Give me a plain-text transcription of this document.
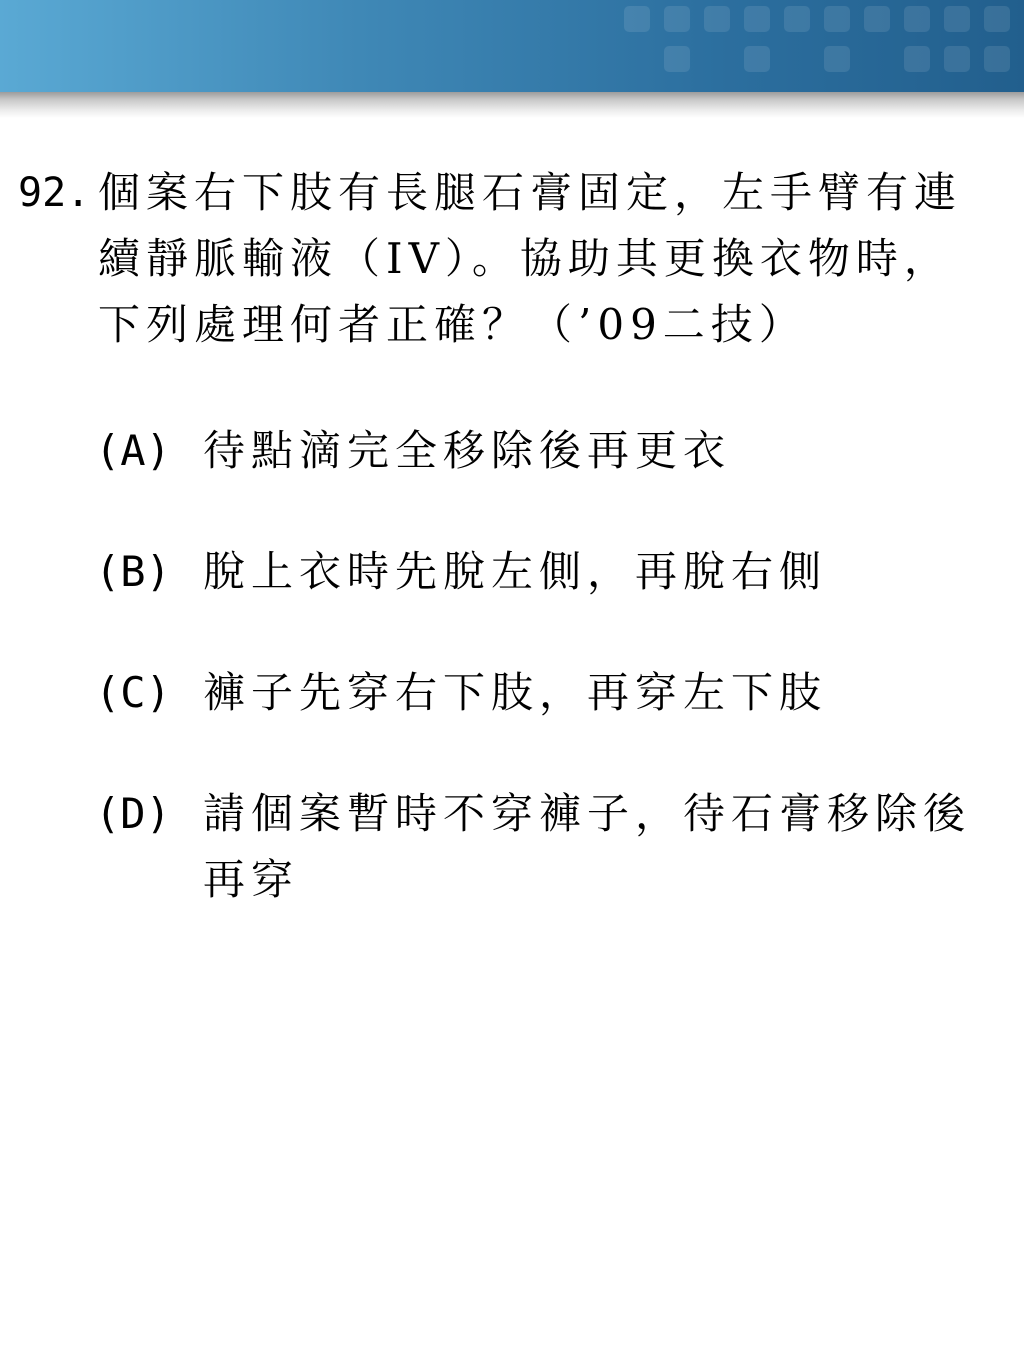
92. 個案右下肢有長腿石膏固定，左手臂有連續靜脈輸液（IV）。協助其更換衣物時，下列處理何者正確？（’09二技）
(A) 待點滴完全移除後再更衣
(B) 脫上衣時先脫左側，再脫右側
(C) 褲子先穿右下肢，再穿左下肢
(D) 請個案暫時不穿褲子，待石膏移除後再穿
